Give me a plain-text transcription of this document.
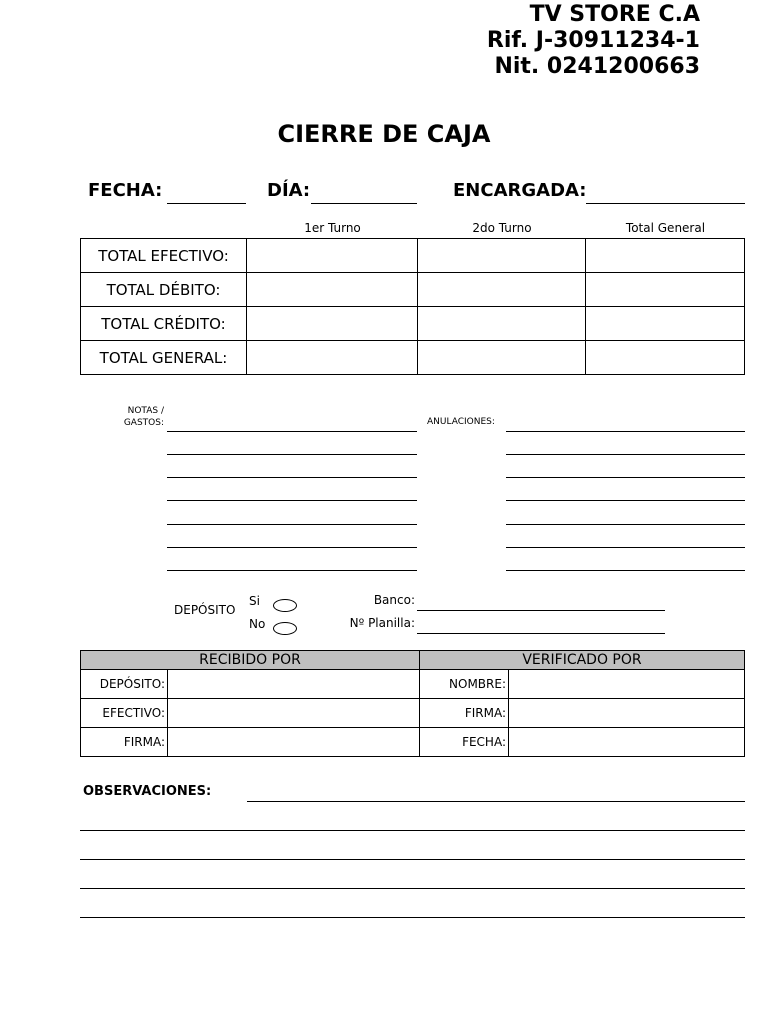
TV STORE C.A
Rif. J-30911234-1
Nit. 0241200663
CIERRE DE CAJA
FECHA:	DÍA:	ENCARGADA:
1er Turno	2do Turno	Total General
TOTAL EFECTIVO:			
TOTAL DÉBITO:			
TOTAL CRÉDITO:			
TOTAL GENERAL:			
NOTAS /
GASTOS:	ANULACIONES:
DEPÓSITO
Si
No
Banco:
Nº Planilla:
RECIBIDO POR		VERIFICADO POR	
DEPÓSITO:		NOMBRE:	
EFECTIVO:		FIRMA:	
FIRMA:		FECHA:	
OBSERVACIONES:
